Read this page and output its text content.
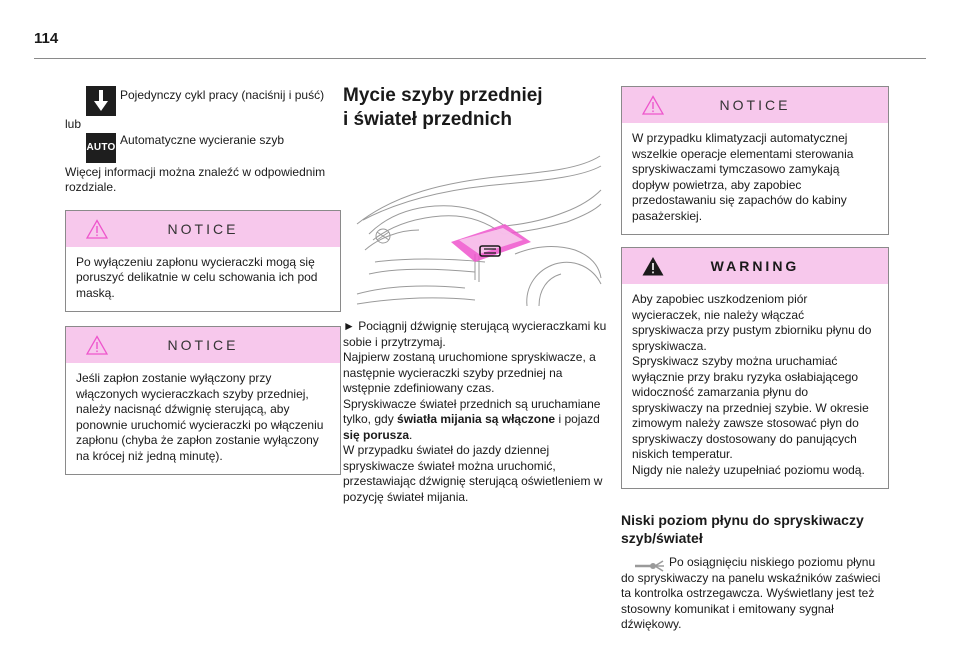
114

Pojedynczy cykl pracy (naciśnij i puść)

lub

AUTO

Automatyczne wycieranie szyb

Więcej informacji można znaleźć w odpowiednim rozdziale.

NOTICE
Po wyłączeniu zapłonu wycieraczki mogą się poruszyć delikatnie w celu schowania ich pod maską.
NOTICE
Jeśli zapłon zostanie wyłączony przy włączonych wycieraczkach szyby przedniej, należy nacisnąć dźwignię sterującą, aby ponownie uruchomić wycieraczki po włączeniu zapłonu (chyba że zapłon zostanie wyłączony na krócej niż jedną minutę).

Mycie szyby przedniej

i świateł przednich

► Pociągnij dźwignię sterującą wycieraczkami ku sobie i przytrzymaj.

Najpierw zostaną uruchomione spryskiwacze, a następnie wycieraczki szyby przedniej na wstępnie zdefiniowany czas.

Spryskiwacze świateł przednich są uruchamiane tylko, gdy światła mijania są włączone i pojazd się porusza.

W przypadku świateł do jazdy dziennej spryskiwacze świateł można uruchomić, przestawiając dźwignię sterującą oświetleniem w pozycję świateł mijania.

NOTICE
W przypadku klimatyzacji automatycznej wszelkie operacje elementami sterowania spryskiwaczami tymczasowo zamykają dopływ powietrza, aby zapobiec przedostawaniu się zapachów do kabiny pasażerskiej.
WARNING
Aby zapobiec uszkodzeniom piór wycieraczek, nie należy włączać spryskiwacza przy pustym zbiorniku płynu do spryskiwacza.
Spryskiwacz szyby można uruchamiać wyłącznie przy braku ryzyka osłabiającego widoczność zamarzania płynu do spryskiwaczy na przedniej szybie. W okresie zimowym należy zawsze stosować płyn do spryskiwaczy dostosowany do panujących niskich temperatur.
Nigdy nie należy uzupełniać poziomu wodą.

Niski poziom płynu do spryskiwaczy szyb/świateł

Po osiągnięciu niskiego poziomu płynu do spryskiwaczy na panelu wskaźników zaświeci ta kontrolka ostrzegawcza. Wyświetlany jest też stosowny komunikat i emitowany sygnał dźwiękowy.
